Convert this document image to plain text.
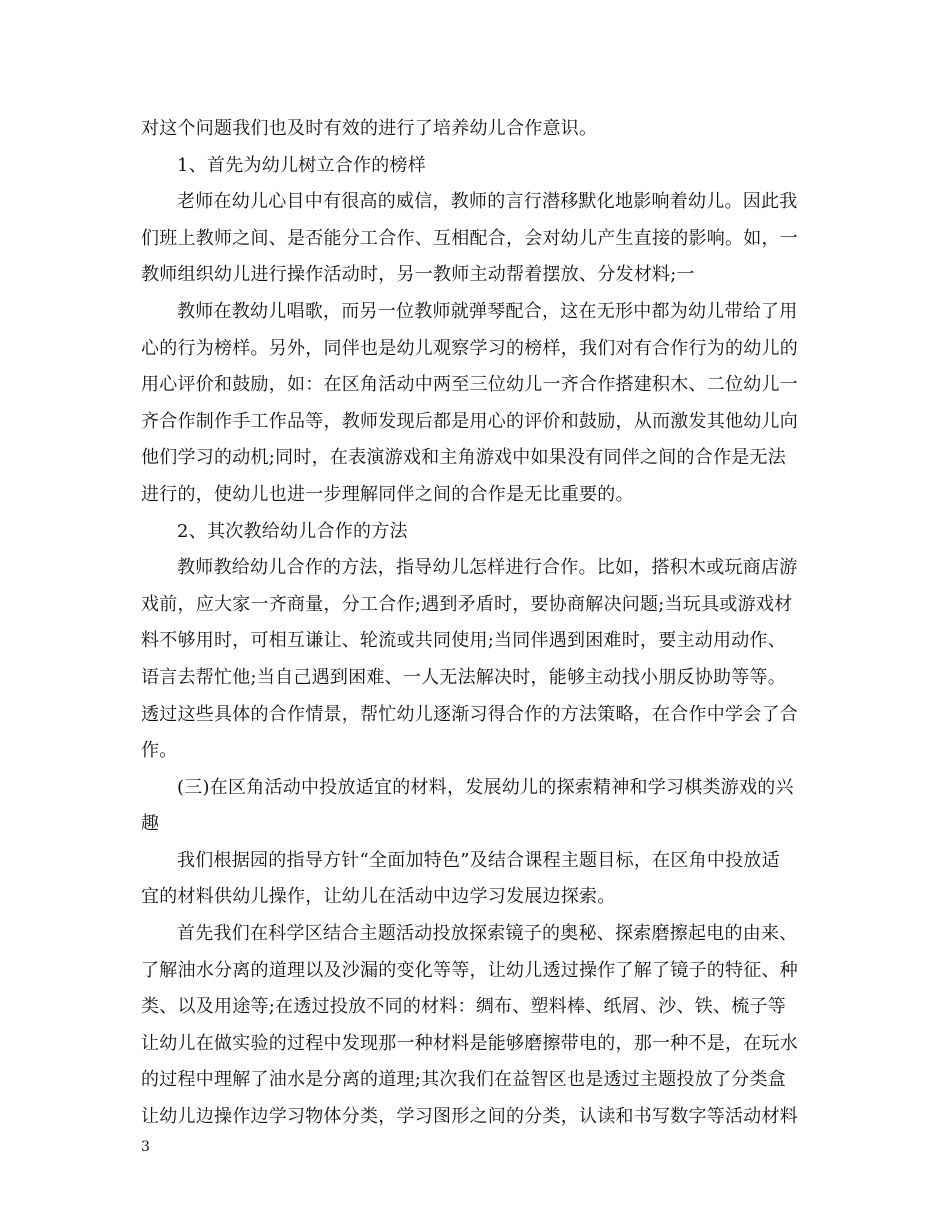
对这个问题我们也及时有效的进行了培养幼儿合作意识。
1、首先为幼儿树立合作的榜样
老师在幼儿心目中有很高的威信，教师的言行潜移默化地影响着幼儿。因此我
们班上教师之间、是否能分工合作、互相配合，会对幼儿产生直接的影响。如，一
教师组织幼儿进行操作活动时，另一教师主动帮着摆放、分发材料;一
教师在教幼儿唱歌，而另一位教师就弹琴配合，这在无形中都为幼儿带给了用
心的行为榜样。另外，同伴也是幼儿观察学习的榜样，我们对有合作行为的幼儿的
用心评价和鼓励，如：在区角活动中两至三位幼儿一齐合作搭建积木、二位幼儿一
齐合作制作手工作品等，教师发现后都是用心的评价和鼓励，从而激发其他幼儿向
他们学习的动机;同时，在表演游戏和主角游戏中如果没有同伴之间的合作是无法
进行的，使幼儿也进一步理解同伴之间的合作是无比重要的。
2、其次教给幼儿合作的方法
教师教给幼儿合作的方法，指导幼儿怎样进行合作。比如，搭积木或玩商店游
戏前，应大家一齐商量，分工合作;遇到矛盾时，要协商解决问题;当玩具或游戏材
料不够用时，可相互谦让、轮流或共同使用;当同伴遇到困难时，要主动用动作、
语言去帮忙他;当自己遇到困难、一人无法解决时，能够主动找小朋反协助等等。
透过这些具体的合作情景，帮忙幼儿逐渐习得合作的方法策略，在合作中学会了合
作。
(三)在区角活动中投放适宜的材料，发展幼儿的探索精神和学习棋类游戏的兴
趣
我们根据园的指导方针“全面加特色”及结合课程主题目标，在区角中投放适
宜的材料供幼儿操作，让幼儿在活动中边学习发展边探索。
首先我们在科学区结合主题活动投放探索镜子的奥秘、探索磨擦起电的由来、
了解油水分离的道理以及沙漏的变化等等，让幼儿透过操作了解了镜子的特征、种
类、以及用途等;在透过投放不同的材料：绸布、塑料棒、纸屑、沙、铁、梳子等
让幼儿在做实验的过程中发现那一种材料是能够磨擦带电的，那一种不是，在玩水
的过程中理解了油水是分离的道理;其次我们在益智区也是透过主题投放了分类盒
让幼儿边操作边学习物体分类，学习图形之间的分类，认读和书写数字等活动材料
3
